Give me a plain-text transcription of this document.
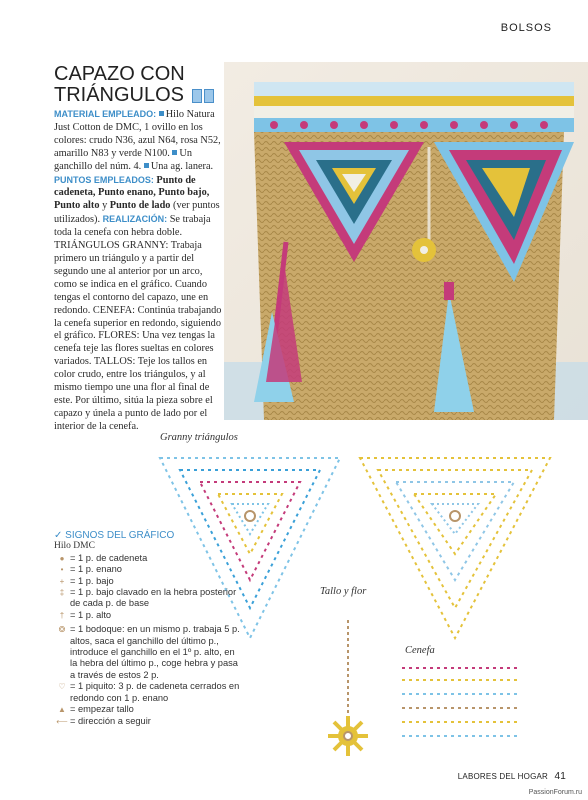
BOLSOS
CAPAZO CON
TRIÁNGULOS
MATERIAL EMPLEADO: Hilo Natura Just Cotton de DMC, 1 ovillo en los colores: crudo N36, azul N64, rosa N52, amarillo N83 y verde N100. Un ganchillo del núm. 4. Una ag. lanera. PUNTOS EMPLEADOS: Punto de cadeneta, Punto enano, Punto bajo, Punto alto y Punto de lado (ver puntos utilizados). REALIZACIÓN: Se trabaja toda la cenefa con hebra doble. TRIÁNGULOS GRANNY: Trabaja primero un triángulo y a partir del segundo une al anterior por un arco, como se indica en el gráfico. Cuando tengas el contorno del capazo, une en redondo. CENEFA: Continúa trabajando la cenefa superior en redondo, siguiendo el gráfico. FLORES: Una vez tengas la cenefa teje las flores sueltas en colores variados. TALLOS: Teje los tallos en color crudo, entre los triángulos, y al mismo tiempo une una flor al final de este. Por último, sitúa la pieza sobre el capazo y únela a punto de lado por el interior de la cenefa.
Granny triángulos
Tallo y flor
Cenefa
✓ SIGNOS DEL GRÁFICO
Hilo DMC
● = 1 p. de cadeneta
• = 1 p. enano
+ = 1 p. bajo
‡ = 1 p. bajo clavado en la hebra posterior de cada p. de base
† = 1 p. alto
❂ = 1 bodoque: en un mismo p. trabaja 5 p. altos, saca el ganchillo del último p., introduce el ganchillo en el 1º p. alto, en la hebra del último p., coge hebra y pasa a través de estos 2 p.
♡ = 1 piquito: 3 p. de cadeneta cerrados en redondo con 1 p. enano
▲ = empezar tallo
⟵ = dirección a seguir
LABORES DEL HOGAR 41
PassionForum.ru
